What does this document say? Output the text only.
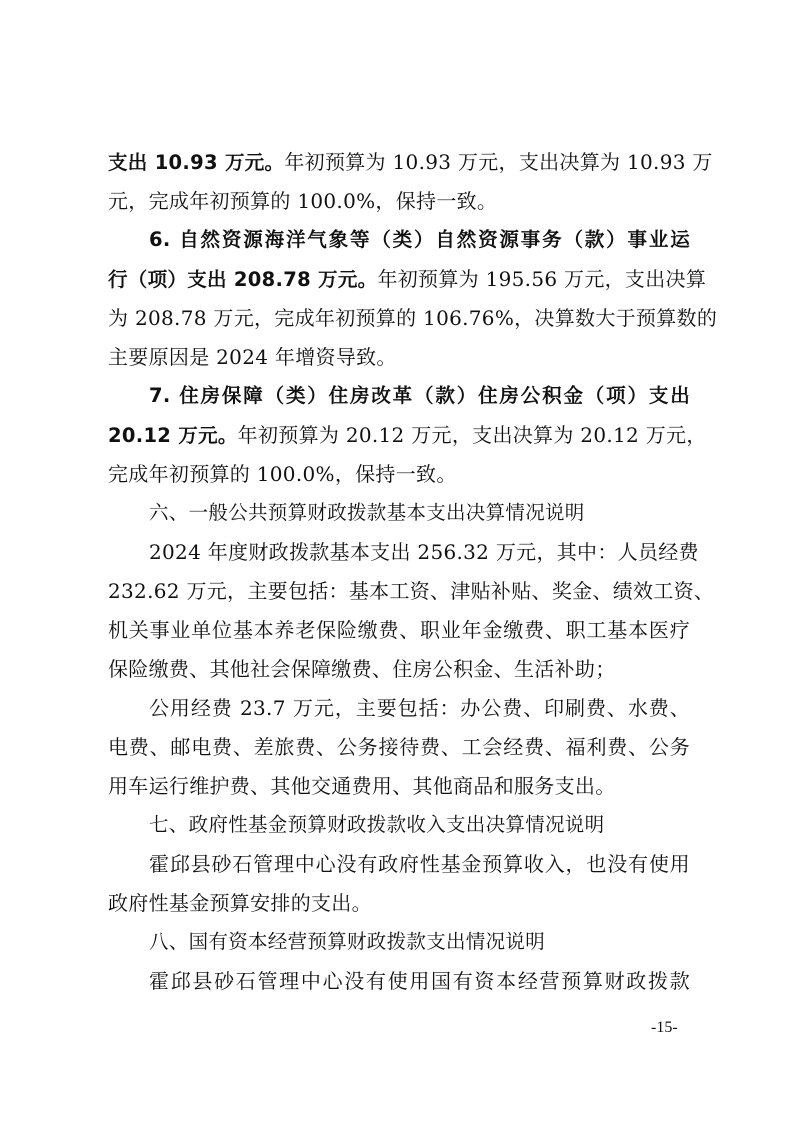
支出 10.93 万元。年初预算为 10.93 万元，支出决算为 10.93 万
元，完成年初预算的 100.0%，保持一致。
6. 自然资源海洋气象等（类）自然资源事务（款）事业运
行（项）支出 208.78 万元。年初预算为 195.56 万元，支出决算
为 208.78 万元，完成年初预算的 106.76%，决算数大于预算数的
主要原因是 2024 年增资导致。
7. 住房保障（类）住房改革（款）住房公积金（项）支出
20.12 万元。年初预算为 20.12 万元，支出决算为 20.12 万元，
完成年初预算的 100.0%，保持一致。
六、一般公共预算财政拨款基本支出决算情况说明
2024 年度财政拨款基本支出 256.32 万元，其中：人员经费
232.62 万元，主要包括：基本工资、津贴补贴、奖金、绩效工资、
机关事业单位基本养老保险缴费、职业年金缴费、职工基本医疗
保险缴费、其他社会保障缴费、住房公积金、生活补助；
公用经费 23.7 万元，主要包括：办公费、印刷费、水费、
电费、邮电费、差旅费、公务接待费、工会经费、福利费、公务
用车运行维护费、其他交通费用、其他商品和服务支出。
七、政府性基金预算财政拨款收入支出决算情况说明
霍邱县砂石管理中心没有政府性基金预算收入，也没有使用
政府性基金预算安排的支出。
八、国有资本经营预算财政拨款支出情况说明
霍邱县砂石管理中心没有使用国有资本经营预算财政拨款
-15-
